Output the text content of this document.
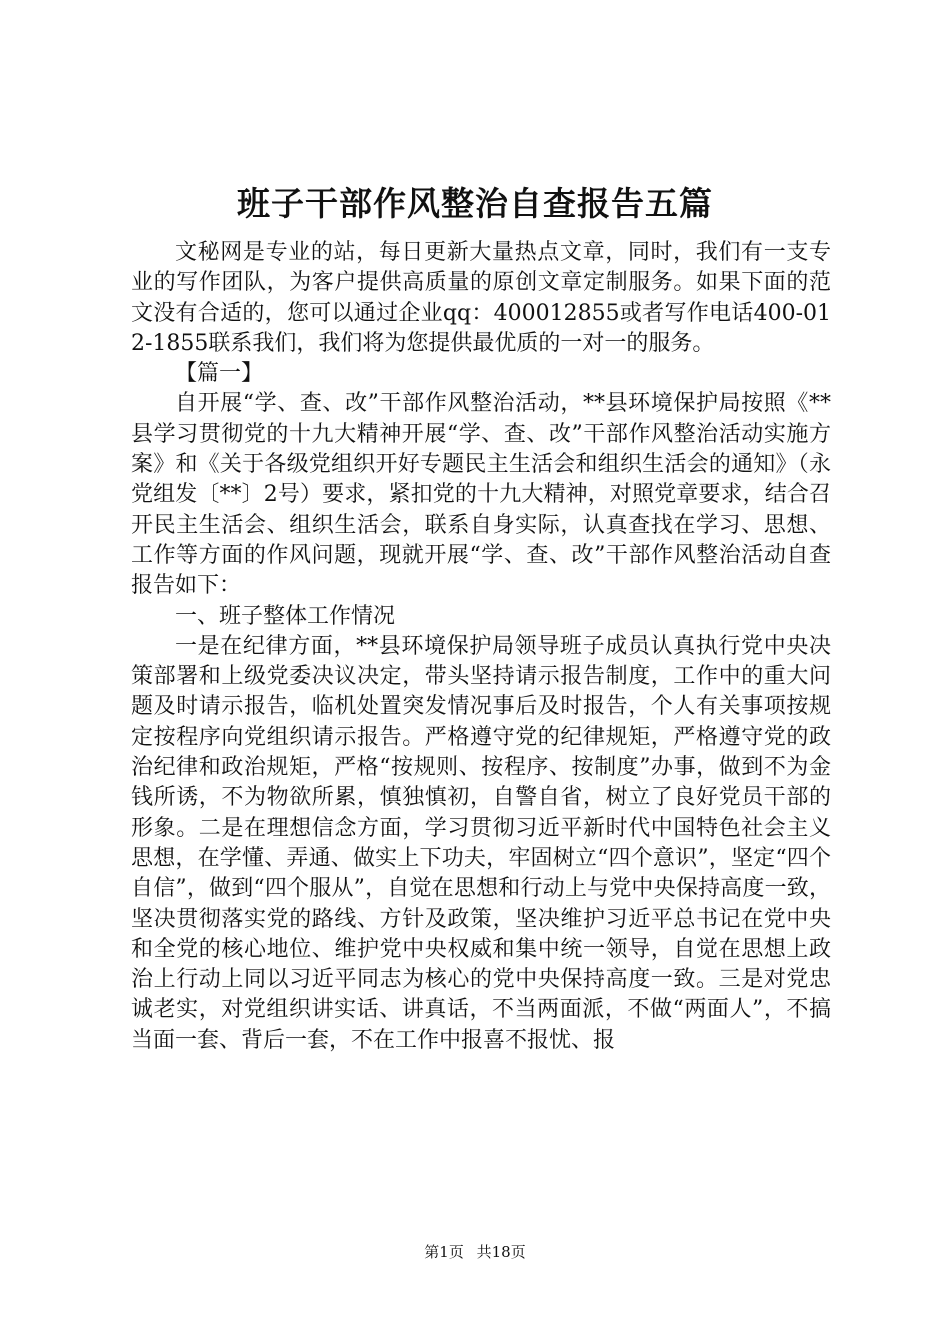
班子干部作风整治自查报告五篇

文秘网是专业的站，每日更新大量热点文章，同时，我们有一支专业的写作团队，为客户提供高质量的原创文章定制服务。如果下面的范文没有合适的，您可以通过企业qq：400012855或者写作电话400-012-1855联系我们，我们将为您提供最优质的一对一的服务。

【篇一】

自开展“学、查、改”干部作风整治活动，**县环境保护局按照《**县学习贯彻党的十九大精神开展“学、查、改”干部作风整治活动实施方案》和《关于各级党组织开好专题民主生活会和组织生活会的通知》（永党组发〔**〕2号）要求，紧扣党的十九大精神，对照党章要求，结合召开民主生活会、组织生活会，联系自身实际，认真查找在学习、思想、工作等方面的作风问题，现就开展“学、查、改”干部作风整治活动自查报告如下：

一、班子整体工作情况

一是在纪律方面，**县环境保护局领导班子成员认真执行党中央决策部署和上级党委决议决定，带头坚持请示报告制度，工作中的重大问题及时请示报告，临机处置突发情况事后及时报告，个人有关事项按规定按程序向党组织请示报告。严格遵守党的纪律规矩，严格遵守党的政治纪律和政治规矩，严格“按规则、按程序、按制度”办事，做到不为金钱所诱，不为物欲所累，慎独慎初，自警自省，树立了良好党员干部的形象。二是在理想信念方面，学习贯彻习近平新时代中国特色社会主义思想，在学懂、弄通、做实上下功夫，牢固树立“四个意识”，坚定“四个自信”，做到“四个服从”，自觉在思想和行动上与党中央保持高度一致，坚决贯彻落实党的路线、方针及政策，坚决维护习近平总书记在党中央和全党的核心地位、维护党中央权威和集中统一领导，自觉在思想上政治上行动上同以习近平同志为核心的党中央保持高度一致。三是对党忠诚老实，对党组织讲实话、讲真话，不当两面派，不做“两面人”，不搞当面一套、背后一套，不在工作中报喜不报忧、报

第1页 共18页
